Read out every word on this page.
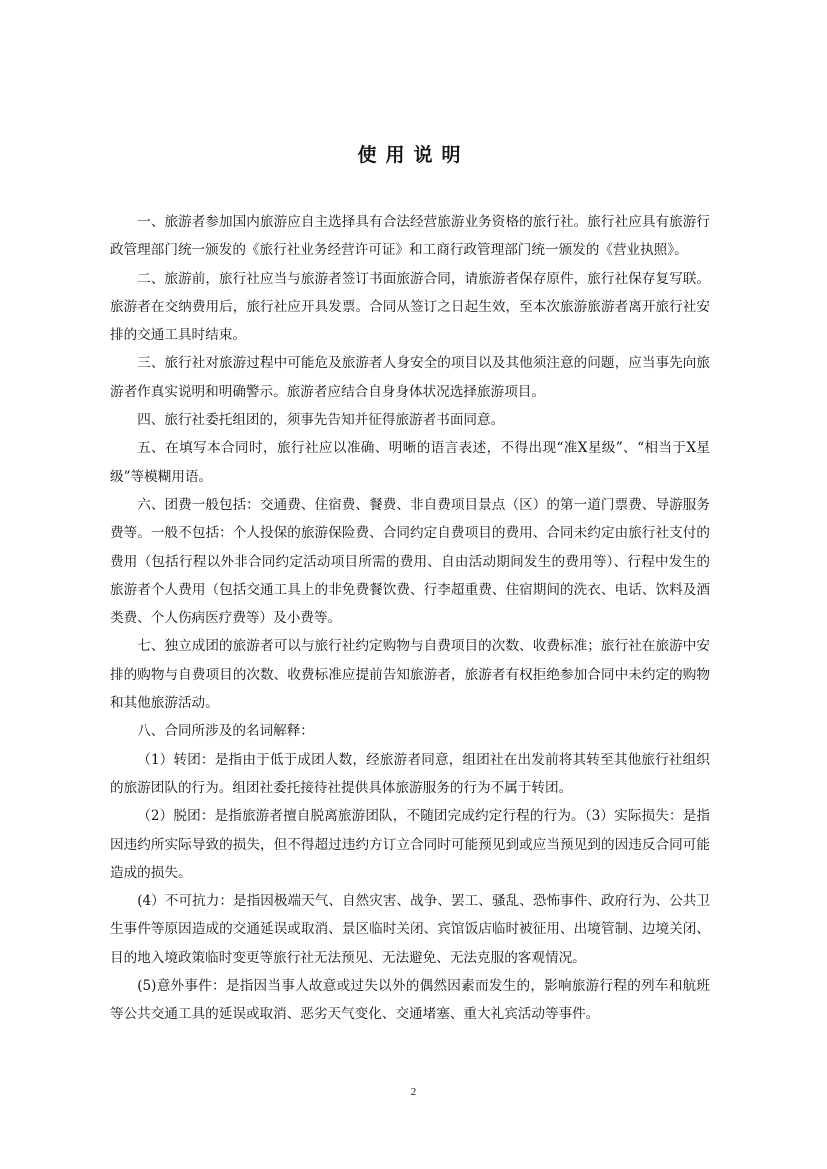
使用说明

一、旅游者参加国内旅游应自主选择具有合法经营旅游业务资格的旅行社。旅行社应具有旅游行政管理部门统一颁发的《旅行社业务经营许可证》和工商行政管理部门统一颁发的《营业执照》。

二、旅游前，旅行社应当与旅游者签订书面旅游合同，请旅游者保存原件，旅行社保存复写联。旅游者在交纳费用后，旅行社应开具发票。合同从签订之日起生效，至本次旅游旅游者离开旅行社安排的交通工具时结束。

三、旅行社对旅游过程中可能危及旅游者人身安全的项目以及其他须注意的问题，应当事先向旅游者作真实说明和明确警示。旅游者应结合自身身体状况选择旅游项目。

四、旅行社委托组团的，须事先告知并征得旅游者书面同意。

五、在填写本合同时，旅行社应以准确、明晰的语言表述，不得出现“准X星级”、“相当于X星级”等模糊用语。

六、团费一般包括：交通费、住宿费、餐费、非自费项目景点（区）的第一道门票费、导游服务费等。一般不包括：个人投保的旅游保险费、合同约定自费项目的费用、合同未约定由旅行社支付的费用（包括行程以外非合同约定活动项目所需的费用、自由活动期间发生的费用等）、行程中发生的旅游者个人费用（包括交通工具上的非免费餐饮费、行李超重费、住宿期间的洗衣、电话、饮料及酒类费、个人伤病医疗费等）及小费等。

七、独立成团的旅游者可以与旅行社约定购物与自费项目的次数、收费标准；旅行社在旅游中安排的购物与自费项目的次数、收费标准应提前告知旅游者，旅游者有权拒绝参加合同中未约定的购物和其他旅游活动。

八、合同所涉及的名词解释：

（1）转团：是指由于低于成团人数，经旅游者同意，组团社在出发前将其转至其他旅行社组织的旅游团队的行为。组团社委托接待社提供具体旅游服务的行为不属于转团。

（2）脱团：是指旅游者擅自脱离旅游团队，不随团完成约定行程的行为。（3）实际损失：是指因违约所实际导致的损失，但不得超过违约方订立合同时可能预见到或应当预见到的因违反合同可能造成的损失。

(4）不可抗力：是指因极端天气、自然灾害、战争、罢工、骚乱、恐怖事件、政府行为、公共卫生事件等原因造成的交通延误或取消、景区临时关闭、宾馆饭店临时被征用、出境管制、边境关闭、目的地入境政策临时变更等旅行社无法预见、无法避免、无法克服的客观情况。

(5)意外事件：是指因当事人故意或过失以外的偶然因素而发生的，影响旅游行程的列车和航班等公共交通工具的延误或取消、恶劣天气变化、交通堵塞、重大礼宾活动等事件。

2
